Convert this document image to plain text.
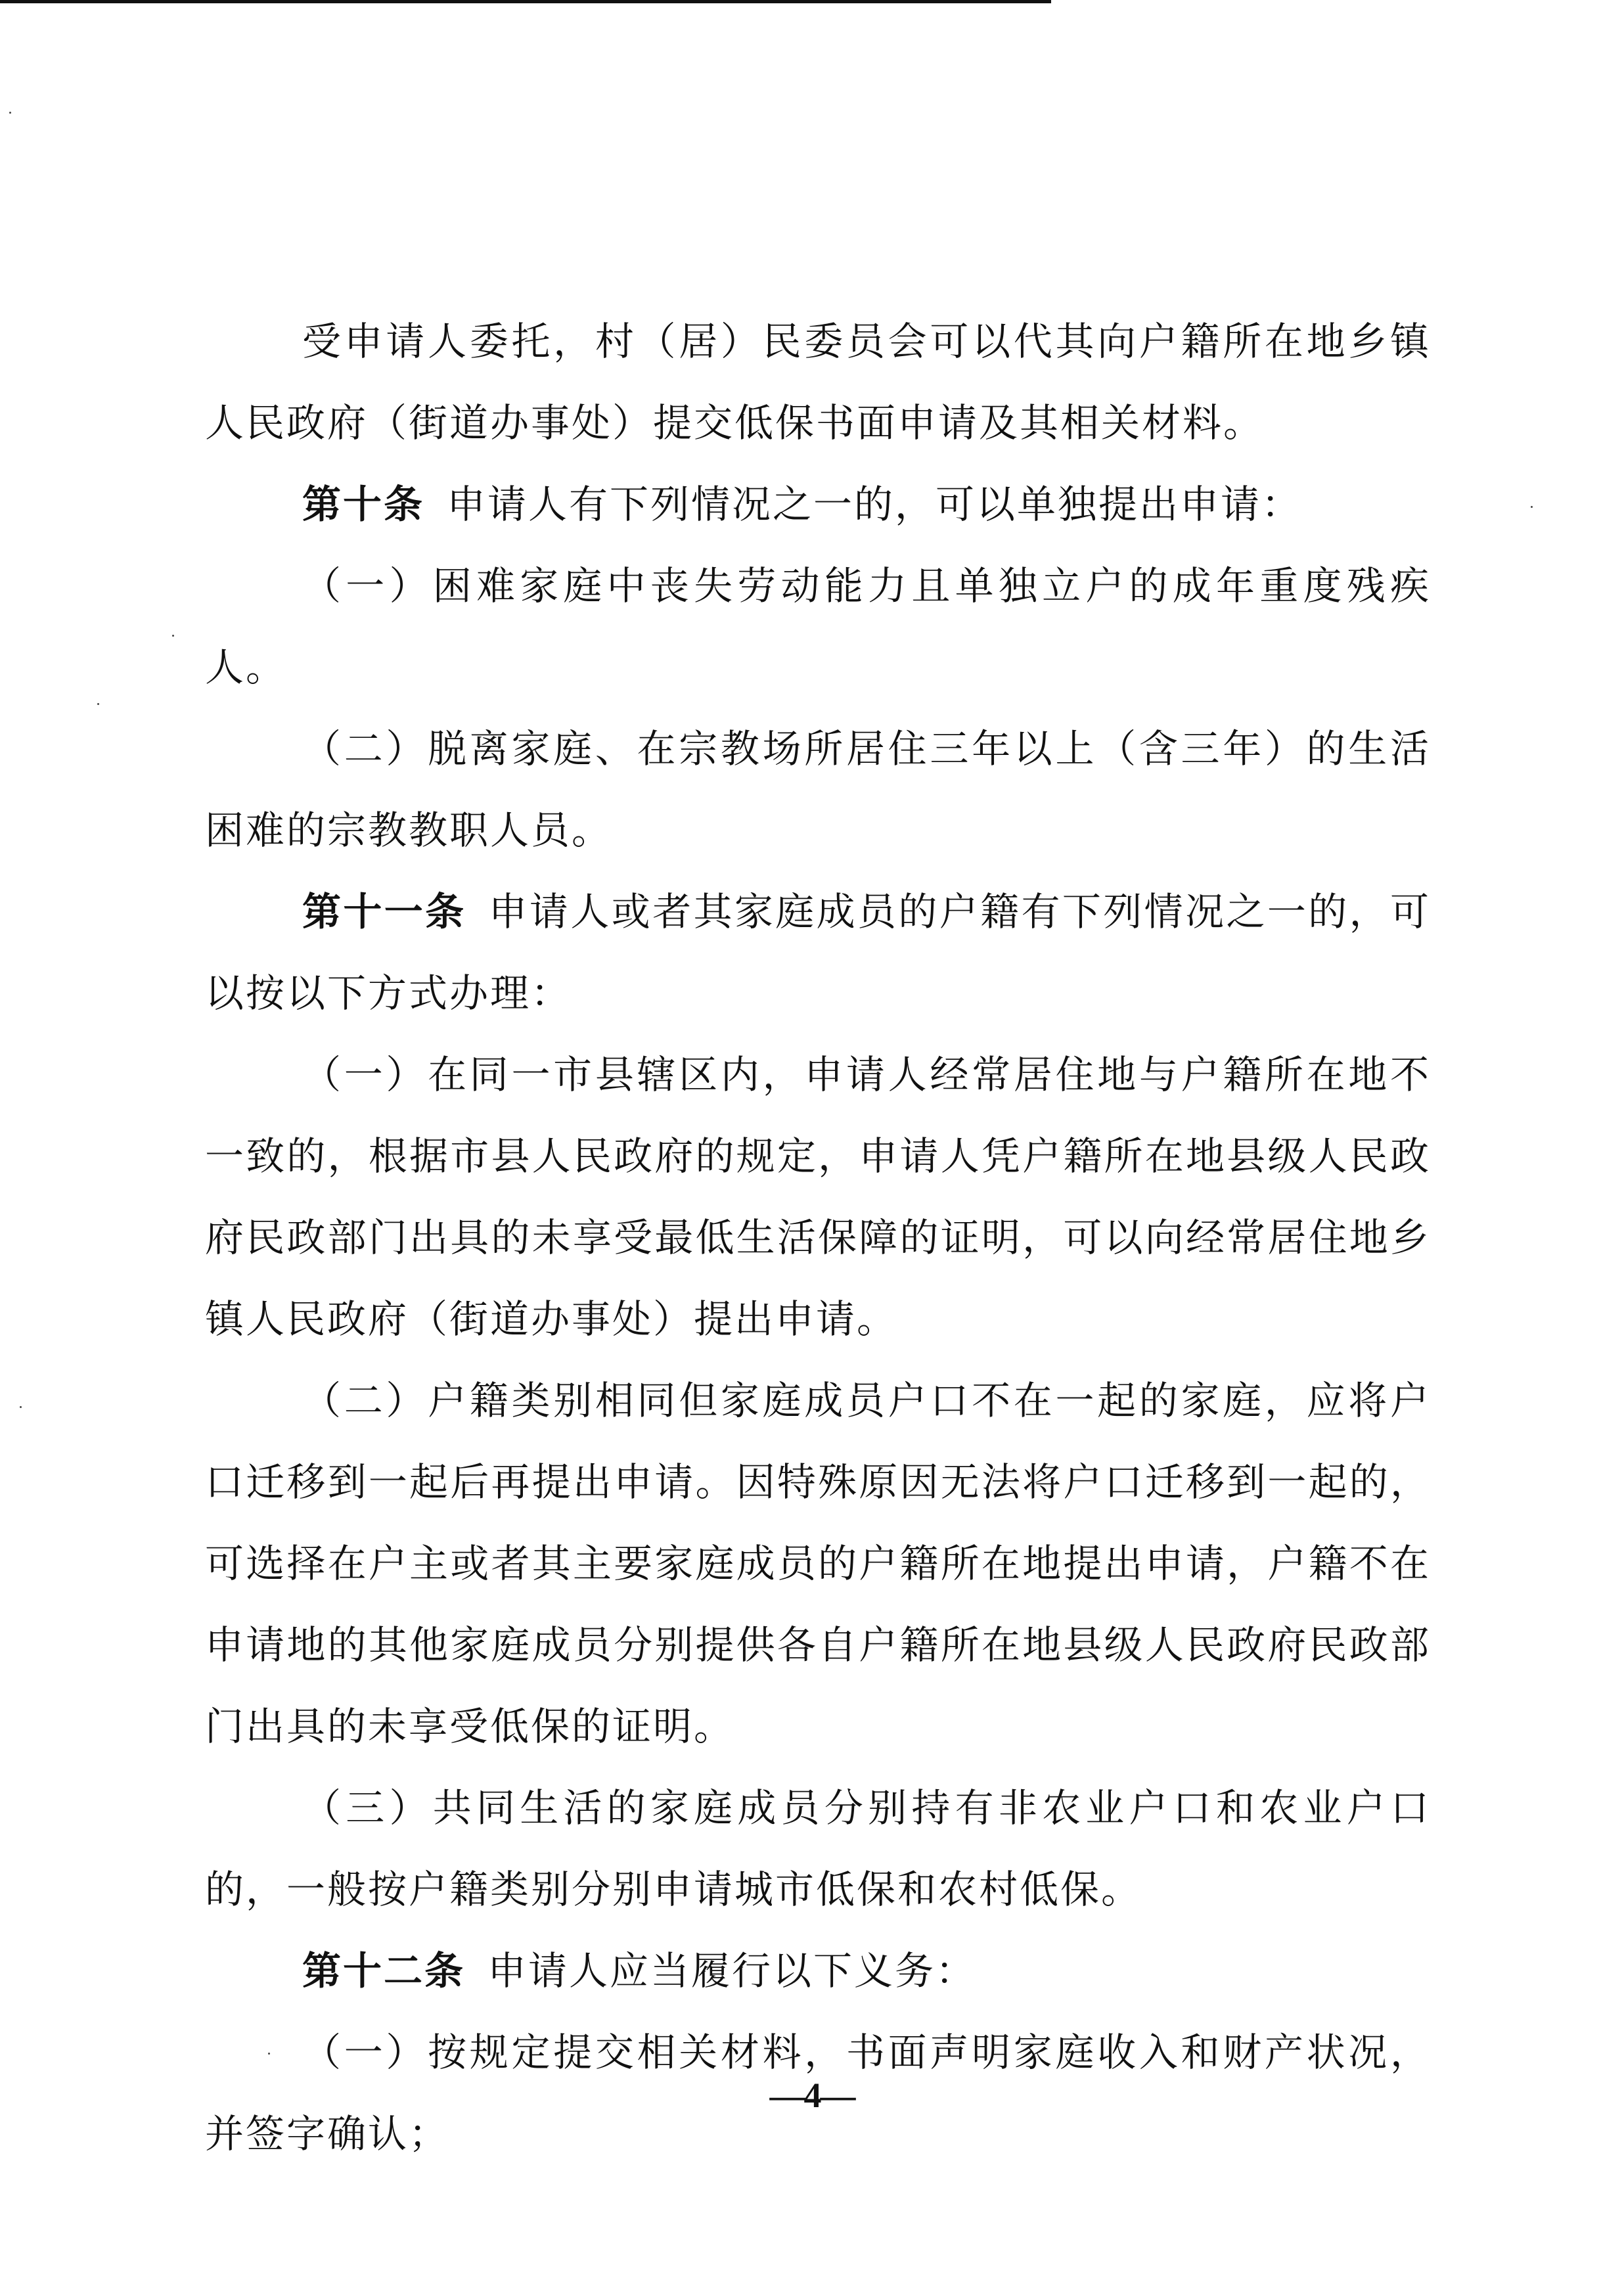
受申请人委托，村（居）民委员会可以代其向户籍所在地乡镇人民政府（街道办事处）提交低保书面申请及其相关材料。

第十条 申请人有下列情况之一的，可以单独提出申请：

（一）困难家庭中丧失劳动能力且单独立户的成年重度残疾人。

（二）脱离家庭、在宗教场所居住三年以上（含三年）的生活困难的宗教教职人员。

第十一条 申请人或者其家庭成员的户籍有下列情况之一的，可以按以下方式办理：

（一）在同一市县辖区内，申请人经常居住地与户籍所在地不一致的，根据市县人民政府的规定，申请人凭户籍所在地县级人民政府民政部门出具的未享受最低生活保障的证明，可以向经常居住地乡镇人民政府（街道办事处）提出申请。

（二）户籍类别相同但家庭成员户口不在一起的家庭，应将户口迁移到一起后再提出申请。因特殊原因无法将户口迁移到一起的，可选择在户主或者其主要家庭成员的户籍所在地提出申请，户籍不在申请地的其他家庭成员分别提供各自户籍所在地县级人民政府民政部门出具的未享受低保的证明。

（三）共同生活的家庭成员分别持有非农业户口和农业户口的，一般按户籍类别分别申请城市低保和农村低保。

第十二条 申请人应当履行以下义务：

（一）按规定提交相关材料，书面声明家庭收入和财产状况，并签字确认；

—4—
